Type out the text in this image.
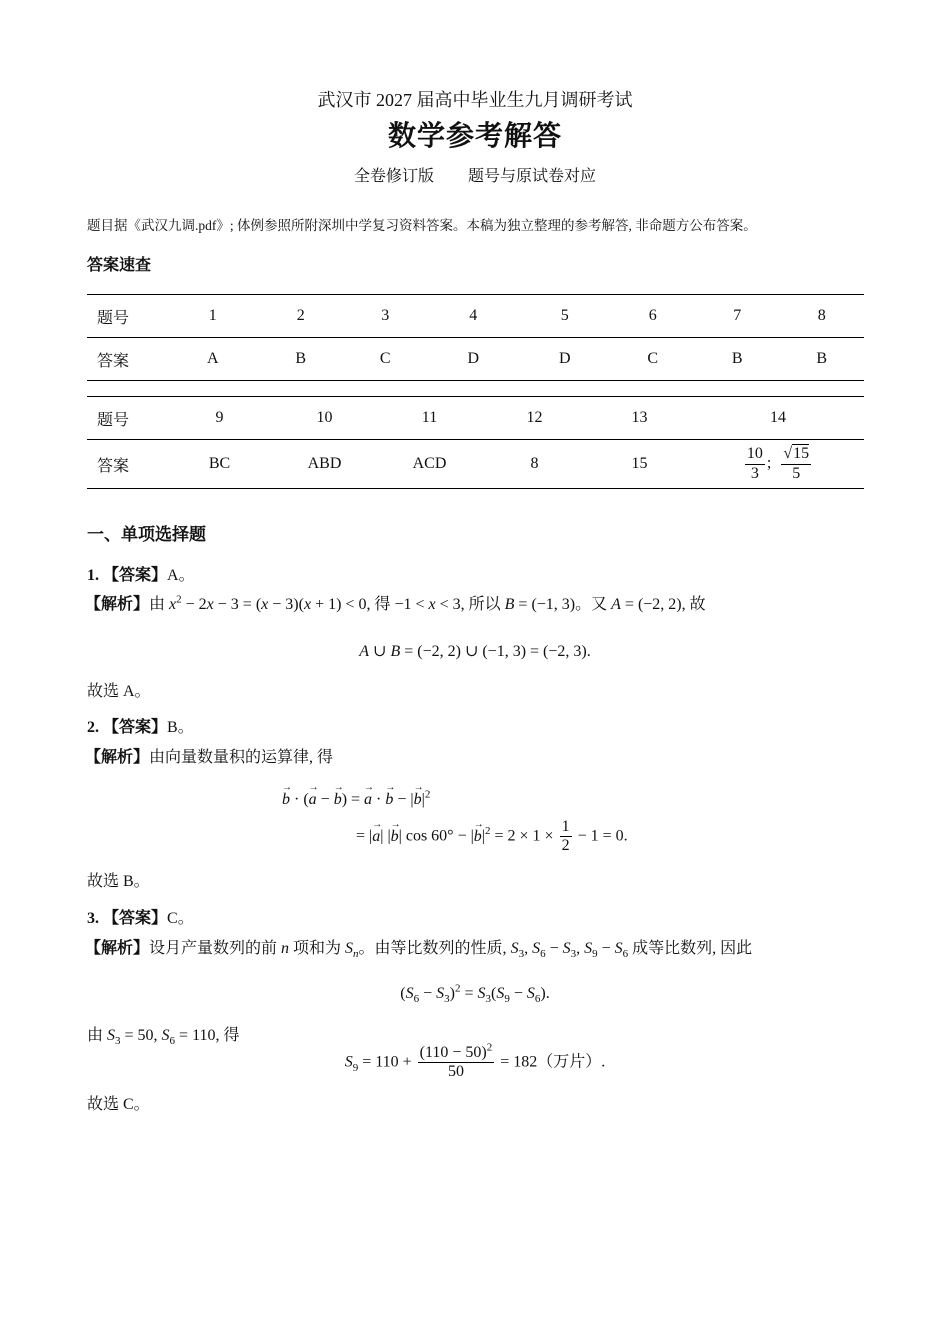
武汉市 2027 届高中毕业生九月调研考试
数学参考解答
全卷修订版 题号与原试卷对应
题目据《武汉九调.pdf》; 体例参照所附深圳中学复习资料答案。本稿为独立整理的参考解答, 非命题方公布答案。
答案速查
题号	1	2	3	4	5	6	7	8
答案	A	B	C	D	D	C	B	B
题号	9	10	11	12	13	14
答案	BC	ABD	ACD	8	15	$\frac{10}{3}$ ; $\frac{√15}{5}$
一、单项选择题
1. 【答案】A。
【解析】由 $x^2 - 2x - 3 = (x - 3)(x + 1) < 0$, 得 −1 < x < 3, 所以 B = (−1, 3)。又 A = (−2, 2), 故
A ∪ B = (−2, 2) ∪ (−1, 3) = (−2, 3).
故选 A。
2. 【答案】B。
【解析】由向量数量积的运算律, 得
→ b · (→ a − → b) = → a · → b − |→ $b|^2$
= |→ a| |→ b| cos 60° − |→ $b|^2 = 2 \times 1 \times \frac{1}{2} - 1 = 0$.
故选 B。
3. 【答案】C。
【解析】设月产量数列的前 n 项和为 $S_n$。由等比数列的性质, $S_3$, $S_6 - S_3$, $S_9 - S_6$ 成等比数列, 因此
$(S_6 - S_3)^2 = S_3(S_9 - S_6)$.
由 $S_3 = 50$, $S_6 = 110$, 得
$S_9 = 110 + \frac{(110 - 50)^2}{50} = 182$（万片）.
故选 C。
